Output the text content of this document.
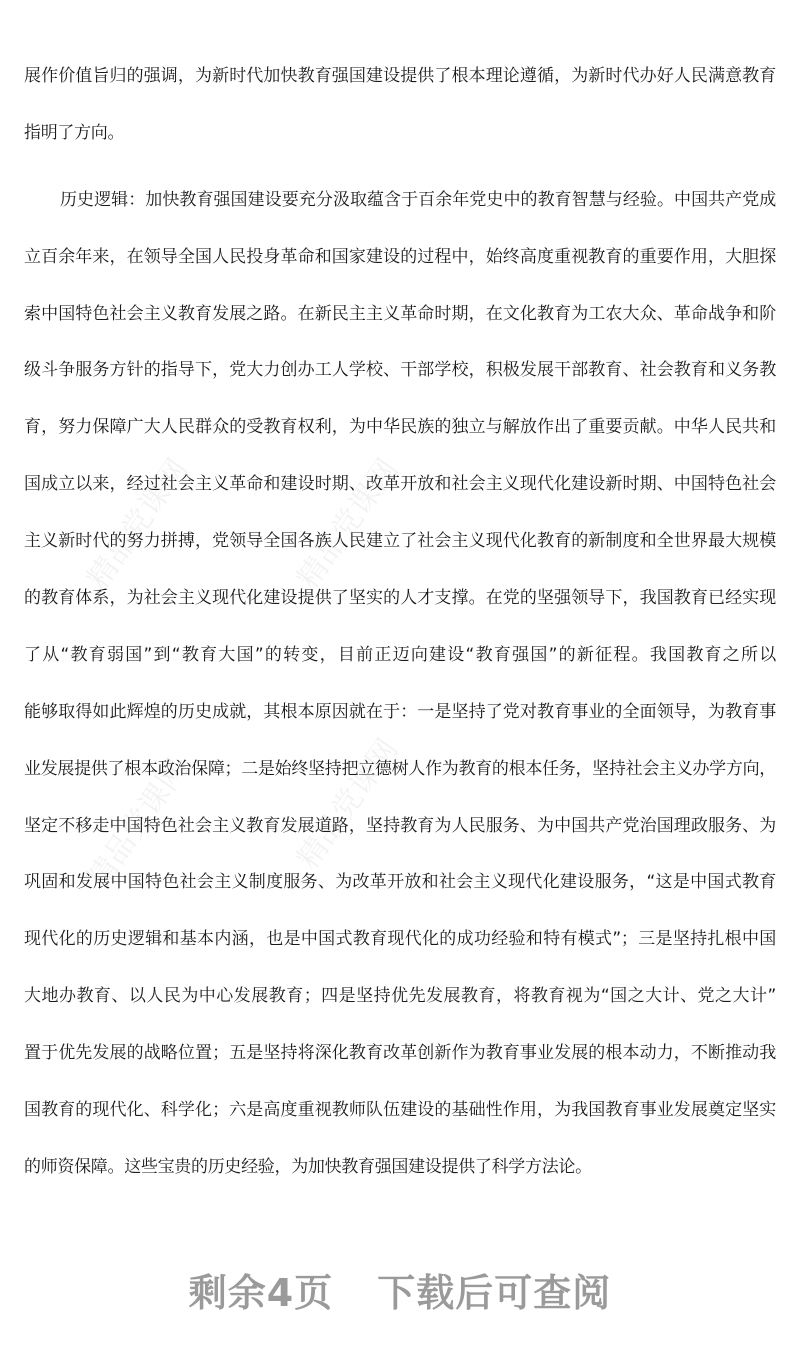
精品党课网	精品党课网
精品党课网	精品党课网
展作价值旨归的强调，为新时代加快教育强国建设提供了根本理论遵循，为新时代办好人民满意教育
指明了方向。
历史逻辑：加快教育强国建设要充分汲取蕴含于百余年党史中的教育智慧与经验。中国共产党成
立百余年来，在领导全国人民投身革命和国家建设的过程中，始终高度重视教育的重要作用，大胆探
索中国特色社会主义教育发展之路。在新民主主义革命时期，在文化教育为工农大众、革命战争和阶
级斗争服务方针的指导下，党大力创办工人学校、干部学校，积极发展干部教育、社会教育和义务教
育，努力保障广大人民群众的受教育权利，为中华民族的独立与解放作出了重要贡献。中华人民共和
国成立以来，经过社会主义革命和建设时期、改革开放和社会主义现代化建设新时期、中国特色社会
主义新时代的努力拼搏，党领导全国各族人民建立了社会主义现代化教育的新制度和全世界最大规模
的教育体系，为社会主义现代化建设提供了坚实的人才支撑。在党的坚强领导下，我国教育已经实现
了从“教育弱国”到“教育大国”的转变，目前正迈向建设“教育强国”的新征程。我国教育之所以
能够取得如此辉煌的历史成就，其根本原因就在于：一是坚持了党对教育事业的全面领导，为教育事
业发展提供了根本政治保障；二是始终坚持把立德树人作为教育的根本任务，坚持社会主义办学方向，
坚定不移走中国特色社会主义教育发展道路，坚持教育为人民服务、为中国共产党治国理政服务、为
巩固和发展中国特色社会主义制度服务、为改革开放和社会主义现代化建设服务，“这是中国式教育
现代化的历史逻辑和基本内涵，也是中国式教育现代化的成功经验和特有模式”；三是坚持扎根中国
大地办教育、以人民为中心发展教育；四是坚持优先发展教育，将教育视为“国之大计、党之大计”
置于优先发展的战略位置；五是坚持将深化教育改革创新作为教育事业发展的根本动力，不断推动我
国教育的现代化、科学化；六是高度重视教师队伍建设的基础性作用，为我国教育事业发展奠定坚实
的师资保障。这些宝贵的历史经验，为加快教育强国建设提供了科学方法论。
剩余4页 下载后可查阅
